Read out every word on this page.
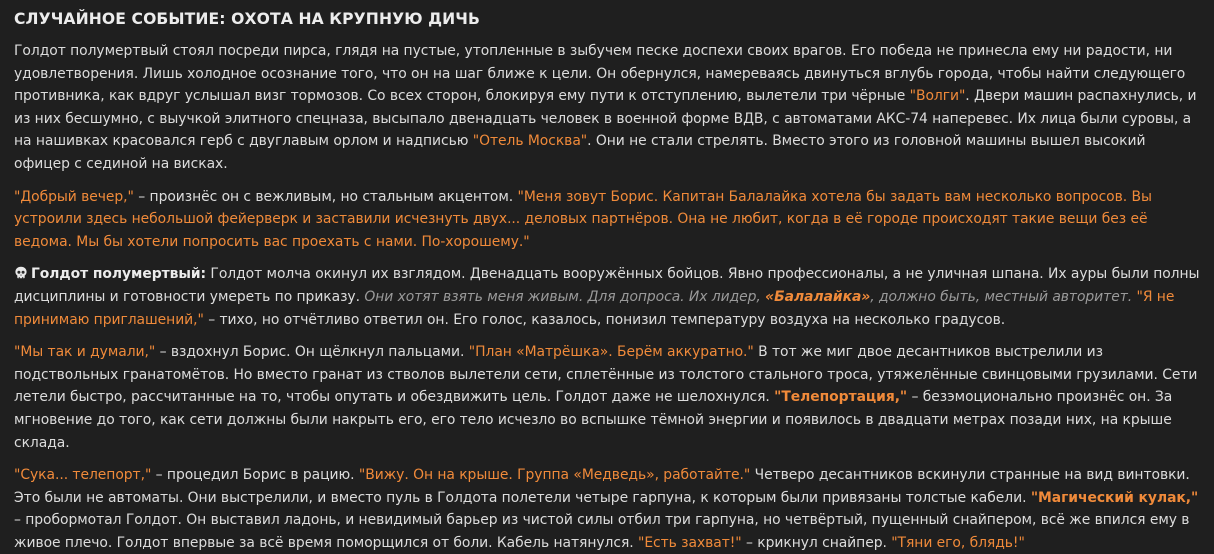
СЛУЧАЙНОЕ СОБЫТИЕ: ОХОТА НА КРУПНУЮ ДИЧЬ

Голдот полумертвый стоял посреди пирса, глядя на пустые, утопленные в зыбучем песке доспехи своих врагов. Его победа не принесла ему ни радости, ни удовлетворения. Лишь холодное осознание того, что он на шаг ближе к цели. Он обернулся, намереваясь двинуться вглубь города, чтобы найти следующего противника, как вдруг услышал визг тормозов. Со всех сторон, блокируя ему пути к отступлению, вылетели три чёрные "Волги". Двери машин распахнулись, и из них бесшумно, с выучкой элитного спецназа, высыпало двенадцать человек в военной форме ВДВ, с автоматами АКС-74 наперевес. Их лица были суровы, а на нашивках красовался герб с двуглавым орлом и надписью "Отель Москва". Они не стали стрелять. Вместо этого из головной машины вышел высокий офицер с сединой на висках.

"Добрый вечер," – произнёс он с вежливым, но стальным акцентом. "Меня зовут Борис. Капитан Балалайка хотела бы задать вам несколько вопросов. Вы устроили здесь небольшой фейерверк и заставили исчезнуть двух... деловых партнёров. Она не любит, когда в её городе происходят такие вещи без её ведома. Мы бы хотели попросить вас проехать с нами. По-хорошему."

Голдот полумертвый: Голдот молча окинул их взглядом. Двенадцать вооружённых бойцов. Явно профессионалы, а не уличная шпана. Их ауры были полны дисциплины и готовности умереть по приказу. Они хотят взять меня живым. Для допроса. Их лидер, «Балалайка», должно быть, местный авторитет. "Я не принимаю приглашений," – тихо, но отчётливо ответил он. Его голос, казалось, понизил температуру воздуха на несколько градусов.

"Мы так и думали," – вздохнул Борис. Он щёлкнул пальцами. "План «Матрёшка». Берём аккуратно." В тот же миг двое десантников выстрелили из подствольных гранатомётов. Но вместо гранат из стволов вылетели сети, сплетённые из толстого стального троса, утяжелённые свинцовыми грузилами. Сети летели быстро, рассчитанные на то, чтобы опутать и обездвижить цель. Голдот даже не шелохнулся. "Телепортация," – безэмоционально произнёс он. За мгновение до того, как сети должны были накрыть его, его тело исчезло во вспышке тёмной энергии и появилось в двадцати метрах позади них, на крыше склада.

"Сука... телепорт," – процедил Борис в рацию. "Вижу. Он на крыше. Группа «Медведь», работайте." Четверо десантников вскинули странные на вид винтовки. Это были не автоматы. Они выстрелили, и вместо пуль в Голдота полетели четыре гарпуна, к которым были привязаны толстые кабели. "Магический кулак," – пробормотал Голдот. Он выставил ладонь, и невидимый барьер из чистой силы отбил три гарпуна, но четвёртый, пущенный снайпером, всё же впился ему в живое плечо. Голдот впервые за всё время поморщился от боли. Кабель натянулся. "Есть захват!" – крикнул снайпер. "Тяни его, блядь!"
